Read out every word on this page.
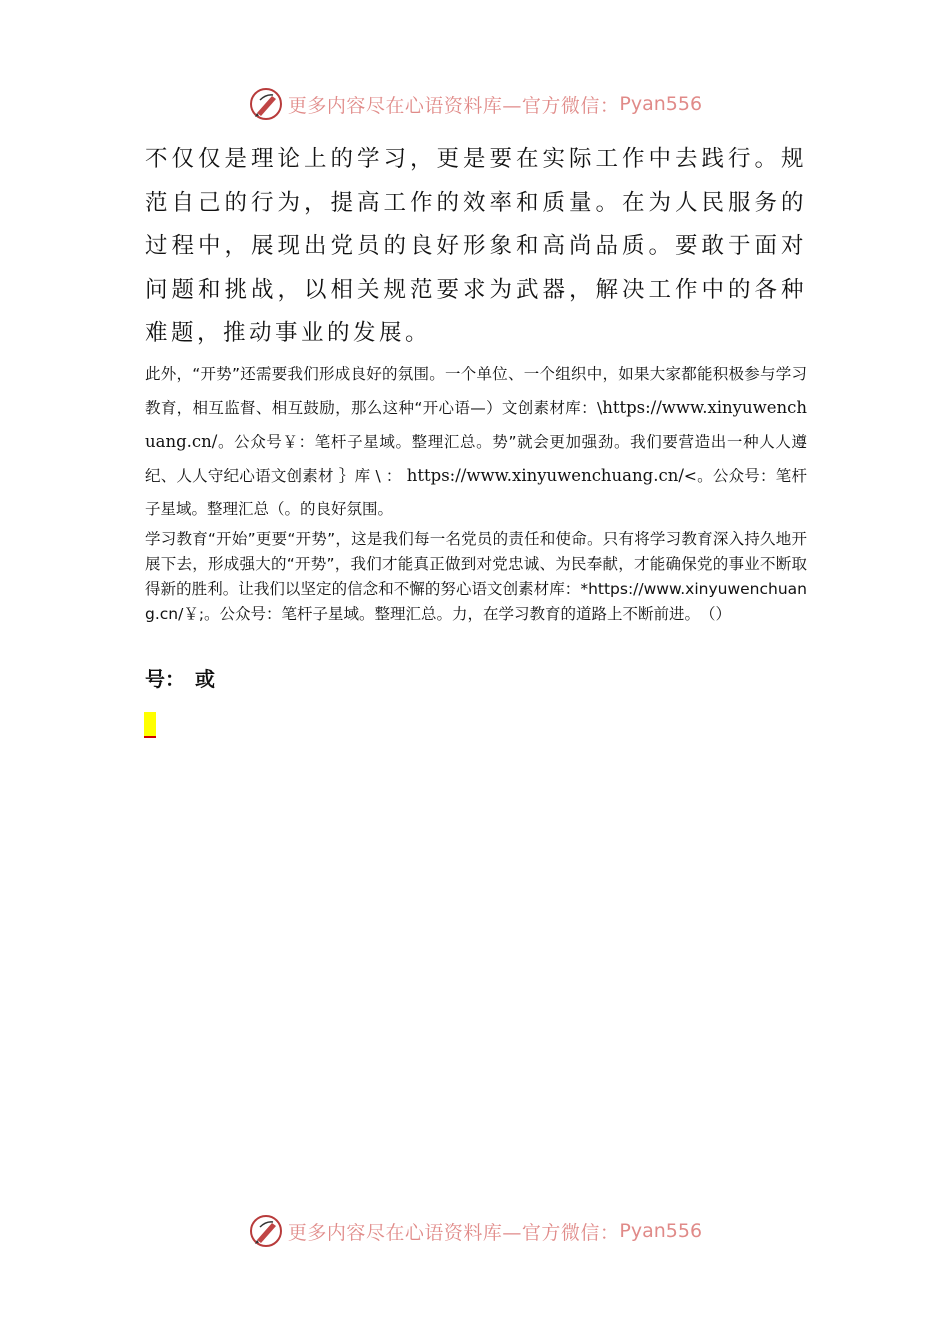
更多内容尽在心语资料库—官方微信： Pyan556

不仅仅是理论上的学习，更是要在实际工作中去践行。规范自己的行为，提高工作的效率和质量。在为人民服务的过程中，展现出党员的良好形象和高尚品质。要敢于面对问题和挑战，以相关规范要求为武器，解决工作中的各种难题，推动事业的发展。

此外，“开势”还需要我们形成良好的氛围。一个单位、一个组织中，如果大家都能积极参与学习教育，相互监督、相互鼓励，那么这种“开心语—）文创素材库：\https://www.xinyuwenchuang.cn/。公众号￥：笔杆子星域。整理汇总。势”就会更加强劲。我们要营造出一种人人遵纪、人人守纪心语文创素材 ｝库 \ ： https://www.xinyuwenchuang.cn/<。公众号：笔杆子星域。整理汇总（。的良好氛围。

学习教育“开始”更要“开势”，这是我们每一名党员的责任和使命。只有将学习教育深入持久地开展下去，形成强大的“开势”，我们才能真正做到对党忠诚、为民奉献，才能确保党的事业不断取得新的胜利。让我们以坚定的信念和不懈的努心语文创素材库：*https://www.xinyuwenchuang.cn/￥;。公众号：笔杆子星域。整理汇总。力，在学习教育的道路上不断前进。　（）

号：　或

更多内容尽在心语资料库—官方微信： Pyan556
